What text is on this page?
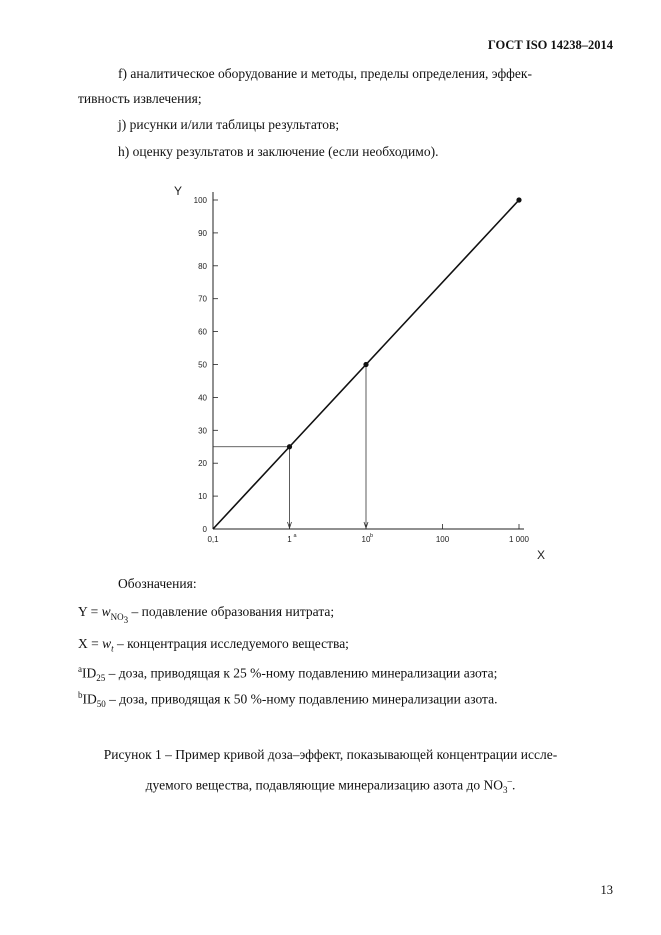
ГОСТ ISO 14238–2014
f) аналитическое оборудование и методы, пределы определения, эффек-
тивность извлечения;
j) рисунки и/или таблицы результатов;
h) оценку результатов и заключение (если необходимо).
0
10
20
30
40
50
60
70
80
90
100
0,1	1 a	10 b	100	1 000
Y
X
Обозначения:
$Y = w_{NO_3}$ – подавление образования нитрата;
$X = w_t$ – концентрация исследуемого вещества;
$^aID_{25}$ – доза, приводящая к 25 %-ному подавлению минерализации азота;
$^bID_{50}$ – доза, приводящая к 50 %-ному подавлению минерализации азота.
Рисунок 1 – Пример кривой доза–эффект, показывающей концентрации иссле-
дуемого вещества, подавляющие минерализацию азота до $NO_3^-$.
13
